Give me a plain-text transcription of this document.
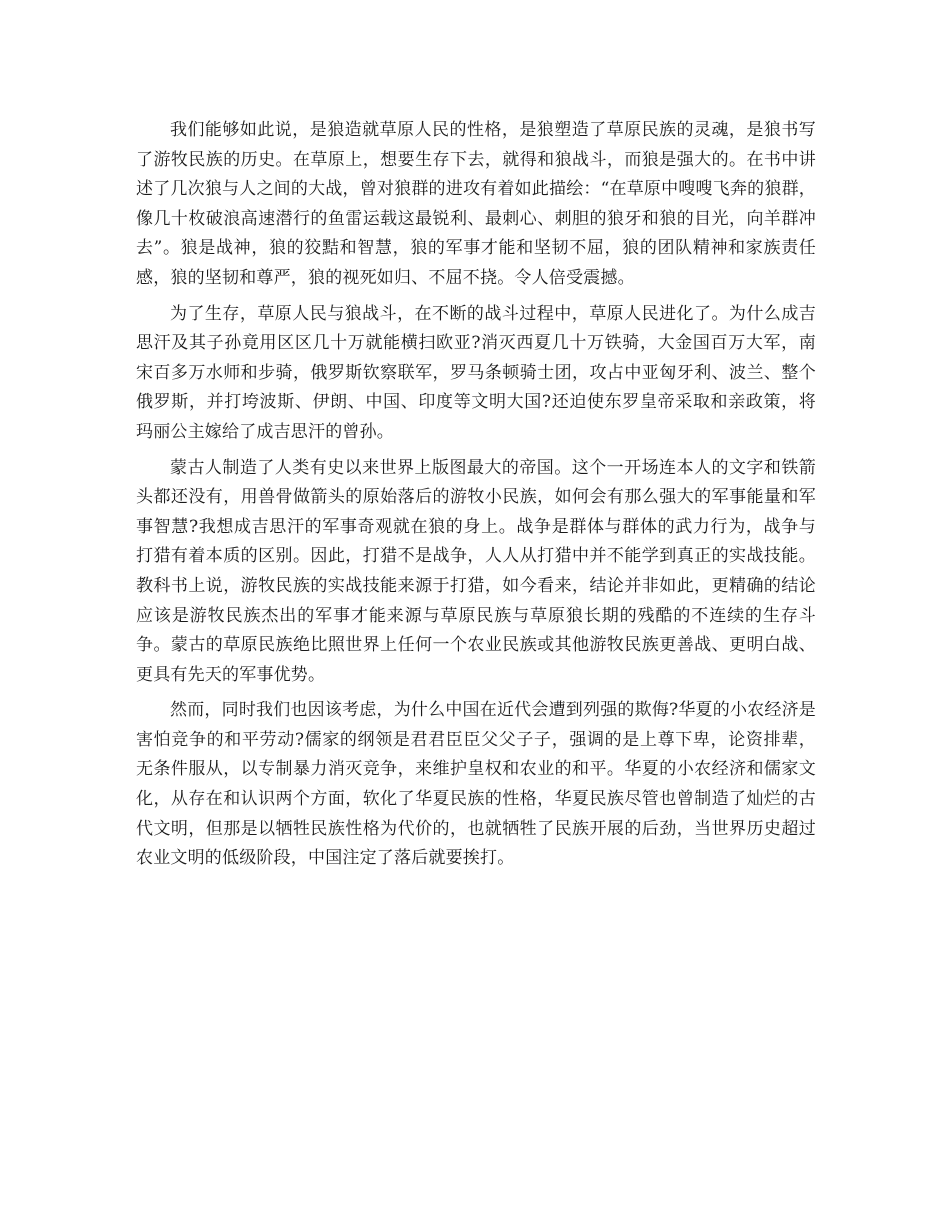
我们能够如此说，是狼造就草原人民的性格，是狼塑造了草原民族的灵魂，是狼书写了游牧民族的历史。在草原上，想要生存下去，就得和狼战斗，而狼是强大的。在书中讲述了几次狼与人之间的大战，曾对狼群的进攻有着如此描绘：“在草原中嗖嗖飞奔的狼群，像几十枚破浪高速潜行的鱼雷运载这最锐利、最刺心、刺胆的狼牙和狼的目光，向羊群冲去”。狼是战神，狼的狡黠和智慧，狼的军事才能和坚韧不屈，狼的团队精神和家族责任感，狼的坚韧和尊严，狼的视死如归、不屈不挠。令人倍受震撼。

为了生存，草原人民与狼战斗，在不断的战斗过程中，草原人民进化了。为什么成吉思汗及其子孙竟用区区几十万就能横扫欧亚?消灭西夏几十万铁骑，大金国百万大军，南宋百多万水师和步骑，俄罗斯钦察联军，罗马条顿骑士团，攻占中亚匈牙利、波兰、整个俄罗斯，并打垮波斯、伊朗、中国、印度等文明大国?还迫使东罗皇帝采取和亲政策，将玛丽公主嫁给了成吉思汗的曾孙。

蒙古人制造了人类有史以来世界上版图最大的帝国。这个一开场连本人的文字和铁箭头都还没有，用兽骨做箭头的原始落后的游牧小民族，如何会有那么强大的军事能量和军事智慧?我想成吉思汗的军事奇观就在狼的身上。战争是群体与群体的武力行为，战争与打猎有着本质的区别。因此，打猎不是战争，人人从打猎中并不能学到真正的实战技能。教科书上说，游牧民族的实战技能来源于打猎，如今看来，结论并非如此，更精确的结论应该是游牧民族杰出的军事才能来源与草原民族与草原狼长期的残酷的不连续的生存斗争。蒙古的草原民族绝比照世界上任何一个农业民族或其他游牧民族更善战、更明白战、更具有先天的军事优势。

然而，同时我们也因该考虑，为什么中国在近代会遭到列强的欺侮?华夏的小农经济是害怕竞争的和平劳动?儒家的纲领是君君臣臣父父子子，强调的是上尊下卑，论资排辈，无条件服从，以专制暴力消灭竞争，来维护皇权和农业的和平。华夏的小农经济和儒家文化，从存在和认识两个方面，软化了华夏民族的性格，华夏民族尽管也曾制造了灿烂的古代文明，但那是以牺牲民族性格为代价的，也就牺牲了民族开展的后劲，当世界历史超过农业文明的低级阶段，中国注定了落后就要挨打。
